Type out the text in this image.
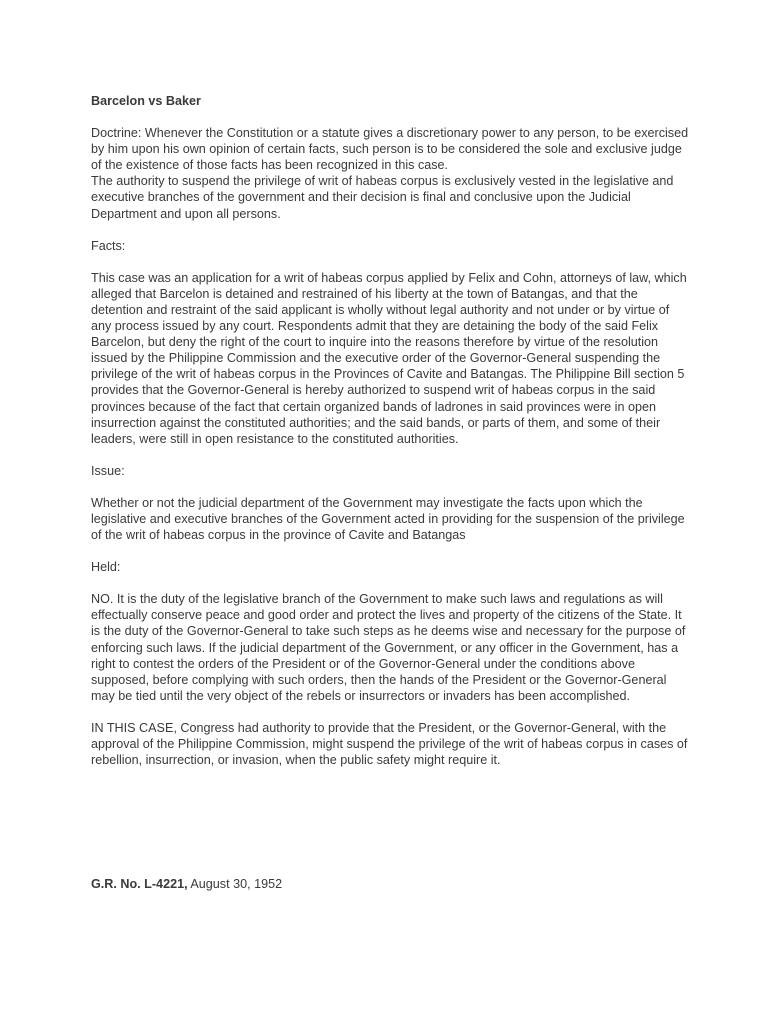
Barcelon vs Baker

Doctrine: Whenever the Constitution or a statute gives a discretionary power to any person, to be exercised by him upon his own opinion of certain facts, such person is to be considered the sole and exclusive judge of the existence of those facts has been recognized in this case.

The authority to suspend the privilege of writ of habeas corpus is exclusively vested in the legislative and executive branches of the government and their decision is final and conclusive upon the Judicial Department and upon all persons.

Facts:

This case was an application for a writ of habeas corpus applied by Felix and Cohn, attorneys of law, which alleged that Barcelon is detained and restrained of his liberty at the town of Batangas, and that the detention and restraint of the said applicant is wholly without legal authority and not under or by virtue of any process issued by any court. Respondents admit that they are detaining the body of the said Felix Barcelon, but deny the right of the court to inquire into the reasons therefore by virtue of the resolution issued by the Philippine Commission and the executive order of the Governor-General suspending the privilege of the writ of habeas corpus in the Provinces of Cavite and Batangas. The Philippine Bill section 5 provides that the Governor-General is hereby authorized to suspend writ of habeas corpus in the said provinces because of the fact that certain organized bands of ladrones in said provinces were in open insurrection against the constituted authorities; and the said bands, or parts of them, and some of their leaders, were still in open resistance to the constituted authorities.

Issue:

Whether or not the judicial department of the Government may investigate the facts upon which the legislative and executive branches of the Government acted in providing for the suspension of the privilege of the writ of habeas corpus in the province of Cavite and Batangas

Held:

NO. It is the duty of the legislative branch of the Government to make such laws and regulations as will effectually conserve peace and good order and protect the lives and property of the citizens of the State. It is the duty of the Governor-General to take such steps as he deems wise and necessary for the purpose of enforcing such laws. If the judicial department of the Government, or any officer in the Government, has a right to contest the orders of the President or of the Governor-General under the conditions above supposed, before complying with such orders, then the hands of the President or the Governor-General may be tied until the very object of the rebels or insurrectors or invaders has been accomplished.

IN THIS CASE, Congress had authority to provide that the President, or the Governor-General, with the approval of the Philippine Commission, might suspend the privilege of the writ of habeas corpus in cases of rebellion, insurrection, or invasion, when the public safety might require it.

G.R. No. L-4221, August 30, 1952
